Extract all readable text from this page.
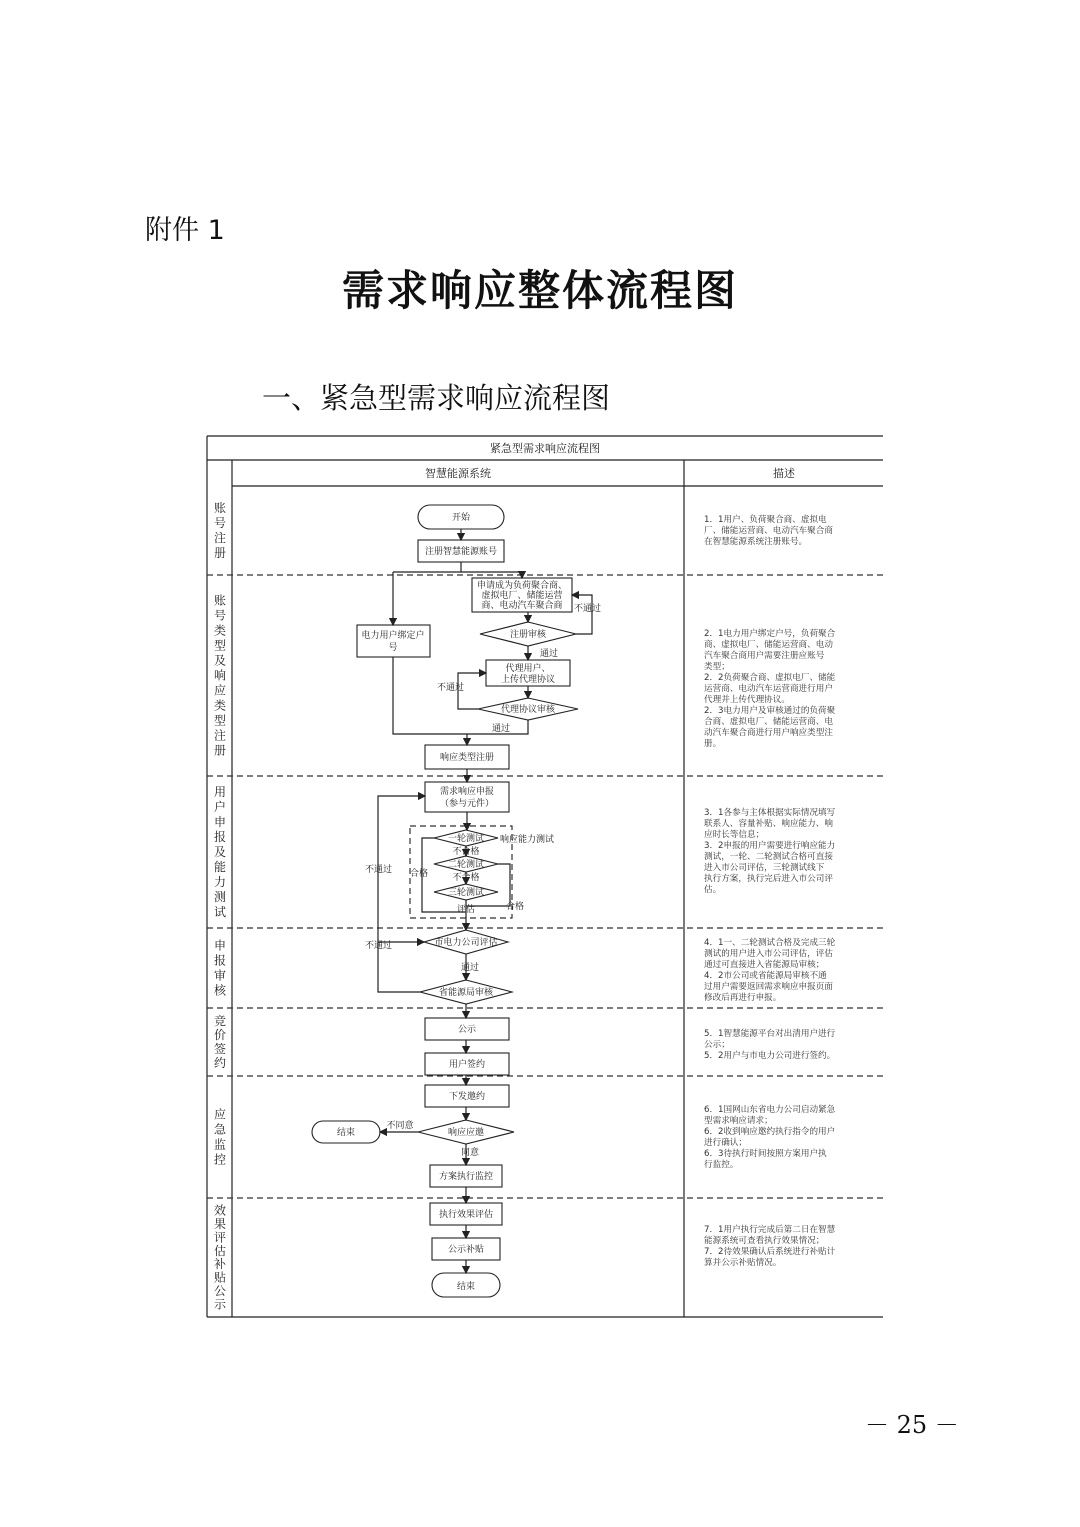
附件 1
需求响应整体流程图
一、紧急型需求响应流程图
紧急型需求响应流程图
智慧能源系统	描述
账号注册
账号类型及响应类型注册
用户申报及能力测试
申报审核
竞价签约
应急监控
效果评估补贴公示
开始
注册智慧能源账号
申请成为负荷聚合商、
虚拟电厂、储能运营
商、电动汽车聚合商
电力用户绑定户
号
注册审核
代理用户、
上传代理协议
代理协议审核
响应类型注册
需求响应申报
（参与元件）
一轮测试
二轮测试
三轮测试
不合格
不合格
合格
合格
评估
响应能力测试
市电力公司评估
省能源局审核
通过
公示
用户签约
下发邀约
响应应邀
结束
不同意
同意
方案执行监控
执行效果评估
公示补贴
结束
不通过
通过
不通过
通过
不通过
不通过
1．1用户、负荷聚合商、虚拟电
厂、储能运营商、电动汽车聚合商
在智慧能源系统注册账号。
2．1电力用户绑定户号，负荷聚合
商、虚拟电厂、储能运营商、电动
汽车聚合商用户需要注册应账号
类型；
2．2负荷聚合商、虚拟电厂、储能
运营商、电动汽车运营商进行用户
代理并上传代理协议。
2．3电力用户及审核通过的负荷聚
合商、虚拟电厂、储能运营商、电
动汽车聚合商进行用户响应类型注
册。
3．1各参与主体根据实际情况填写
联系人、容量补贴、响应能力、响
应时长等信息；
3．2申报的用户需要进行响应能力
测试，一轮、二轮测试合格可直接
进入市公司评估，三轮测试线下
执行方案，执行完后进入市公司评
估。
4．1一、二轮测试合格及完成三轮
测试的用户进入市公司评估，评估
通过可直接进入省能源局审核；
4．2市公司或省能源局审核不通
过用户需要返回需求响应申报页面
修改后再进行申报。
5．1智慧能源平台对出清用户进行
公示；
5．2用户与市电力公司进行签约。
6．1国网山东省电力公司启动紧急
型需求响应请求；
6．2收到响应邀约执行指令的用户
进行确认；
6．3待执行时间按照方案用户执
行监控。
7．1用户执行完成后第二日在智慧
能源系统可查看执行效果情况；
7．2待效果确认后系统进行补贴计
算并公示补贴情况。
－ 25 －
